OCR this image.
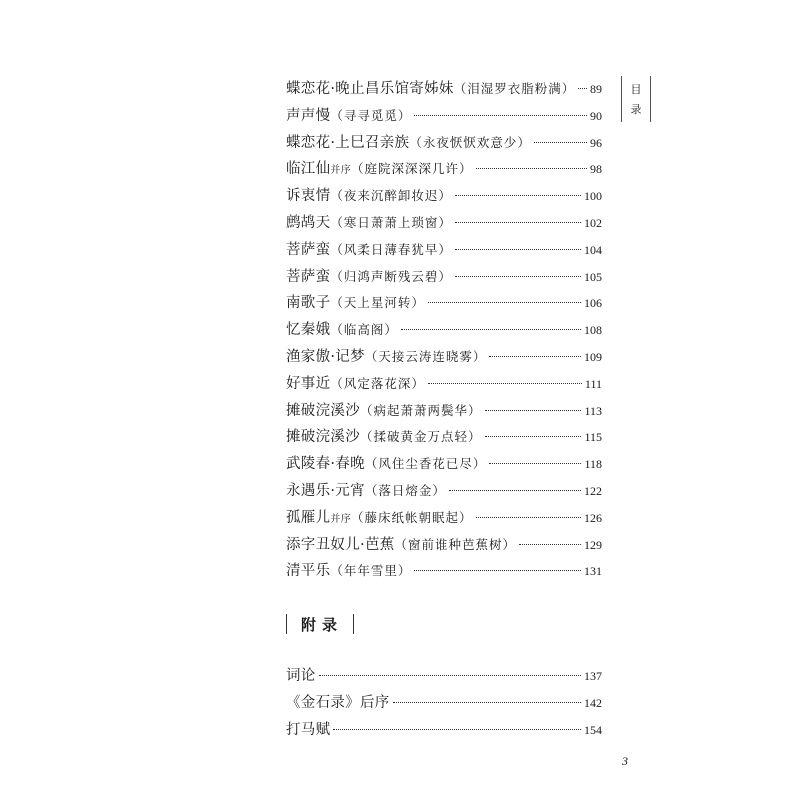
目
录
蝶恋花·晚止昌乐馆寄姊妹（泪湿罗衣脂粉满） 89
声声慢（寻寻觅觅）	90
蝶恋花·上巳召亲族（永夜恹恹欢意少）	96
临江仙并序（庭院深深深几许）	98
诉衷情（夜来沉醉卸妆迟）	100
鹧鸪天（寒日萧萧上琐窗）	102
菩萨蛮（风柔日薄春犹早）	104
菩萨蛮（归鸿声断残云碧）	105
南歌子（天上星河转）	106
忆秦娥（临高阁）	108
渔家傲·记梦（天接云涛连晓雾）	109
好事近（风定落花深）	111
摊破浣溪沙（病起萧萧两鬓华）	113
摊破浣溪沙（揉破黄金万点轻）	115
武陵春·春晚（风住尘香花已尽）	118
永遇乐·元宵（落日熔金）	122
孤雁儿并序（藤床纸帐朝眠起）	126
添字丑奴儿·芭蕉（窗前谁种芭蕉树）	129
清平乐（年年雪里）	131
附录
词论	137
《金石录》后序	142
打马赋	154
3
